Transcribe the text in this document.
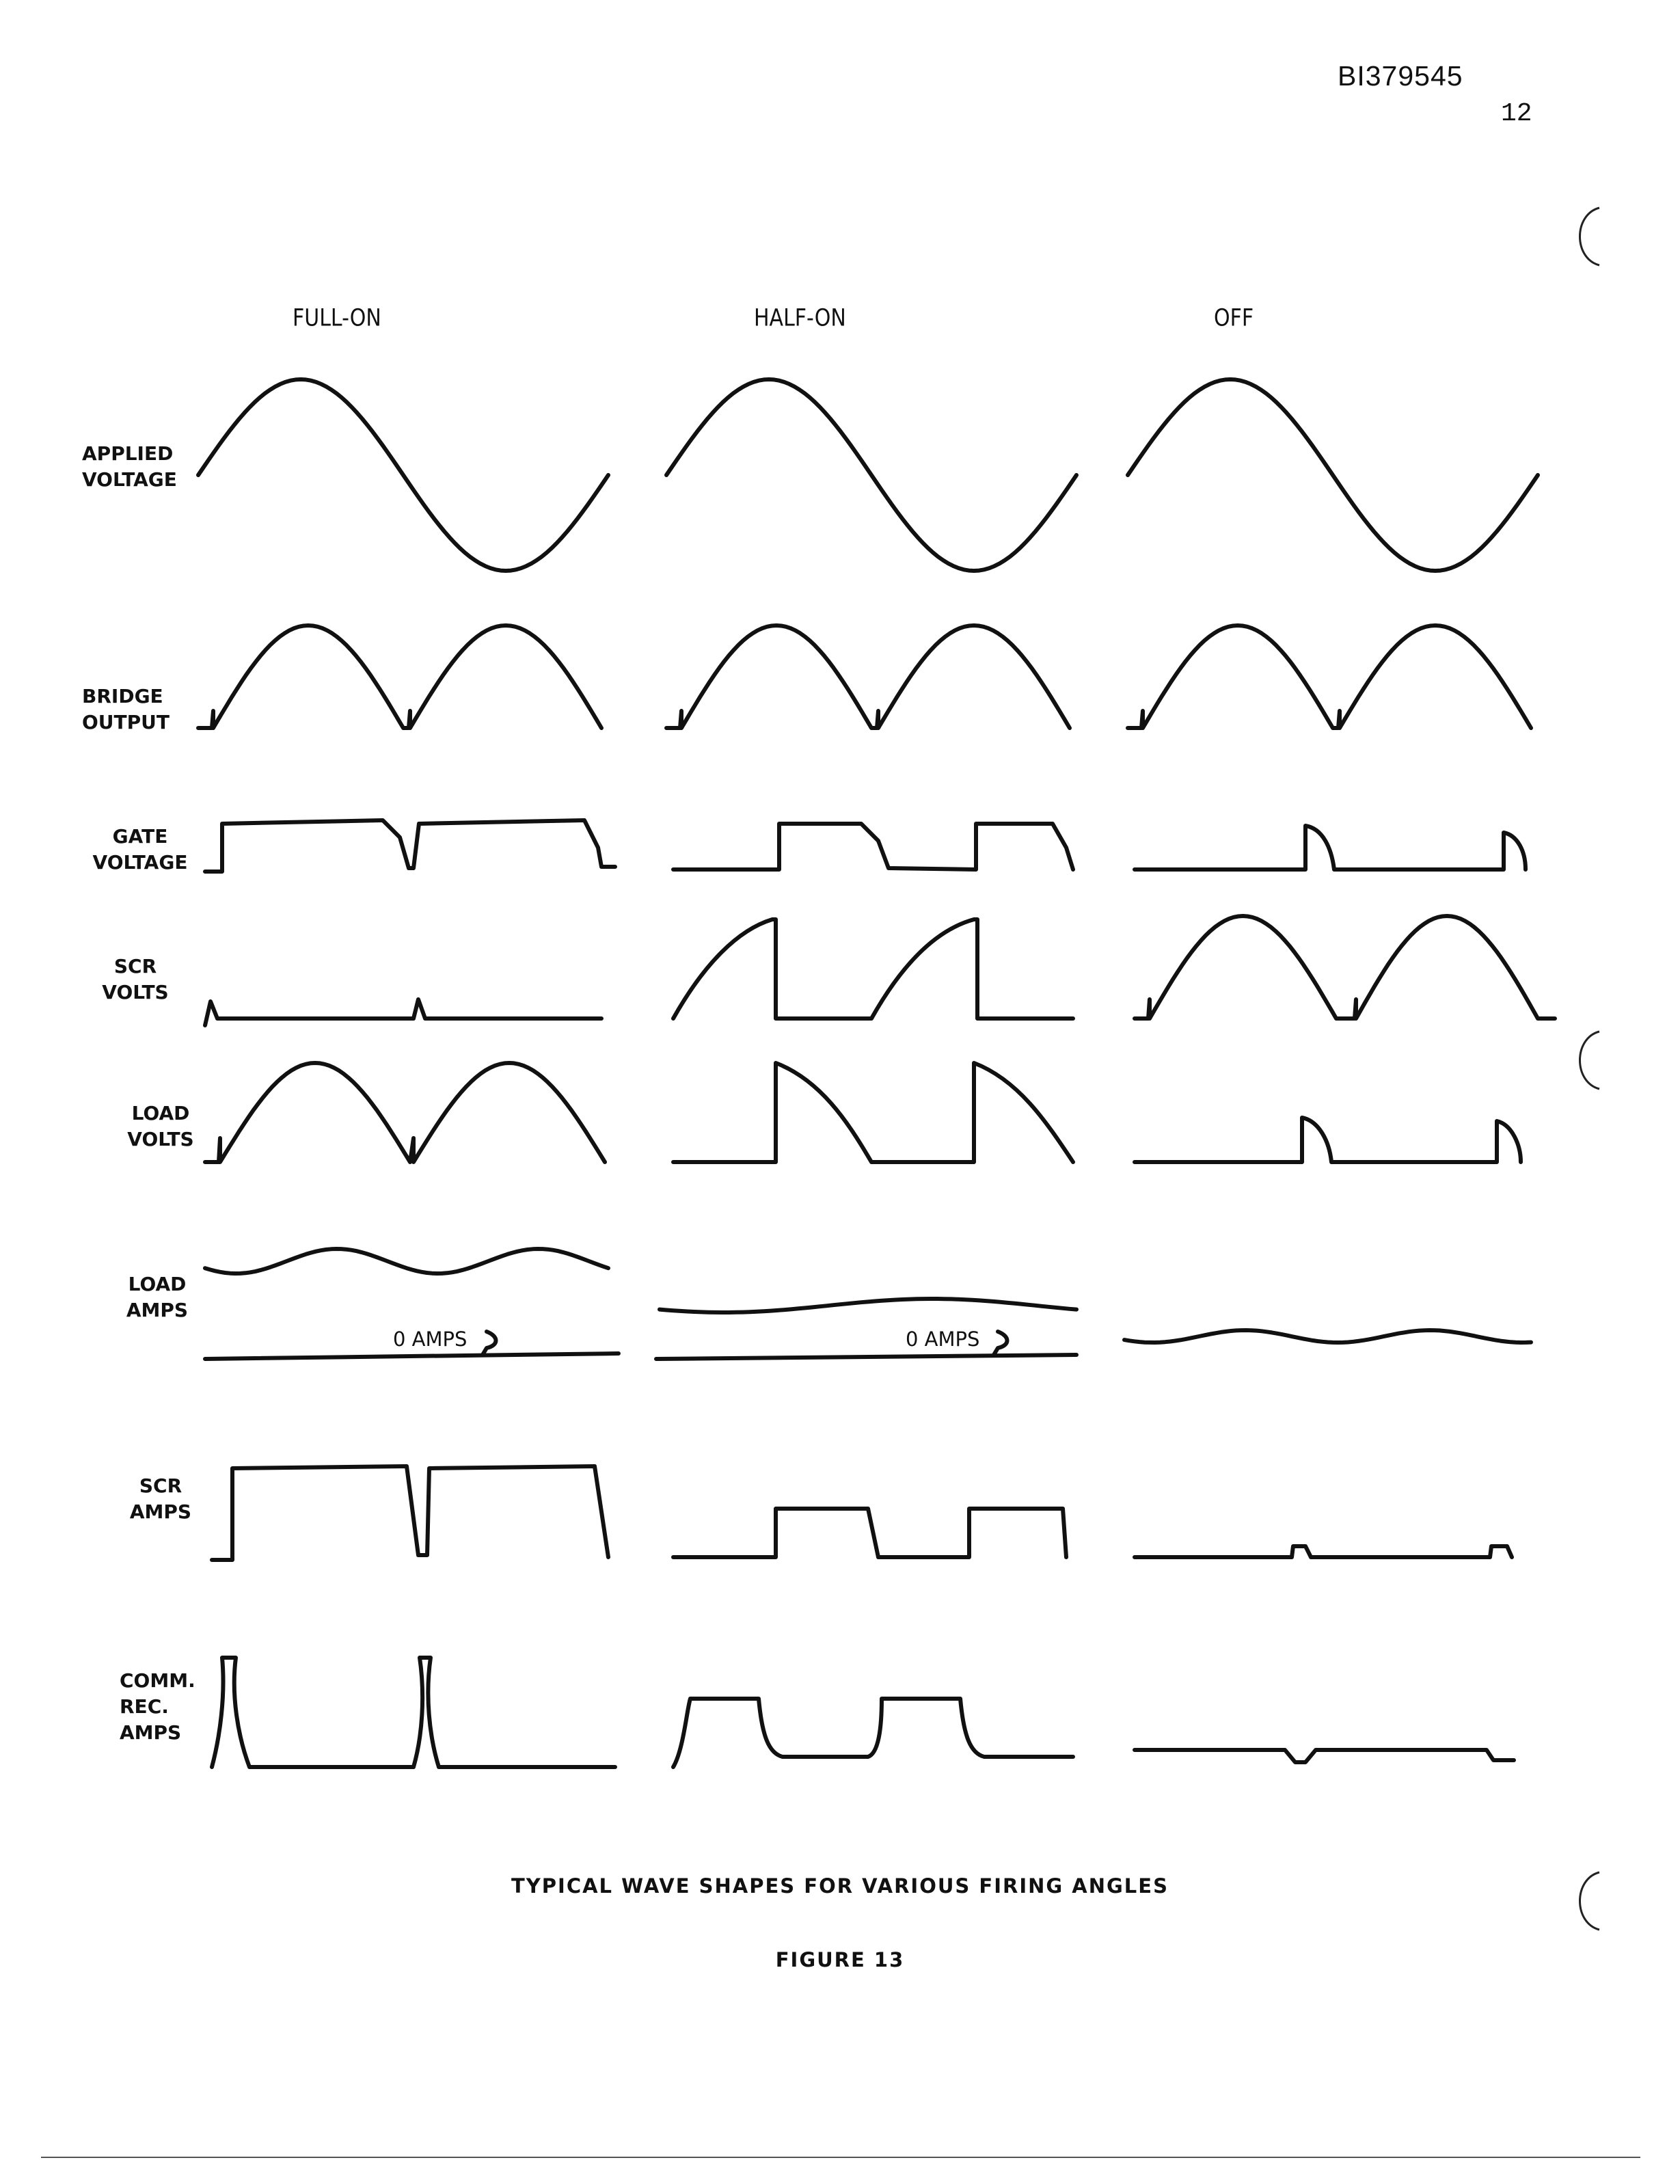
BI379545
12
FULL-ON	HALF-ON	OFF
APPLIED
VOLTAGE
BRIDGE
OUTPUT
GATE
VOLTAGE
SCR
VOLTS
LOAD
VOLTS
LOAD
AMPS
SCR
AMPS
COMM.
REC.
AMPS
0 AMPS	0 AMPS
TYPICAL WAVE SHAPES FOR VARIOUS FIRING ANGLES
FIGURE 13
